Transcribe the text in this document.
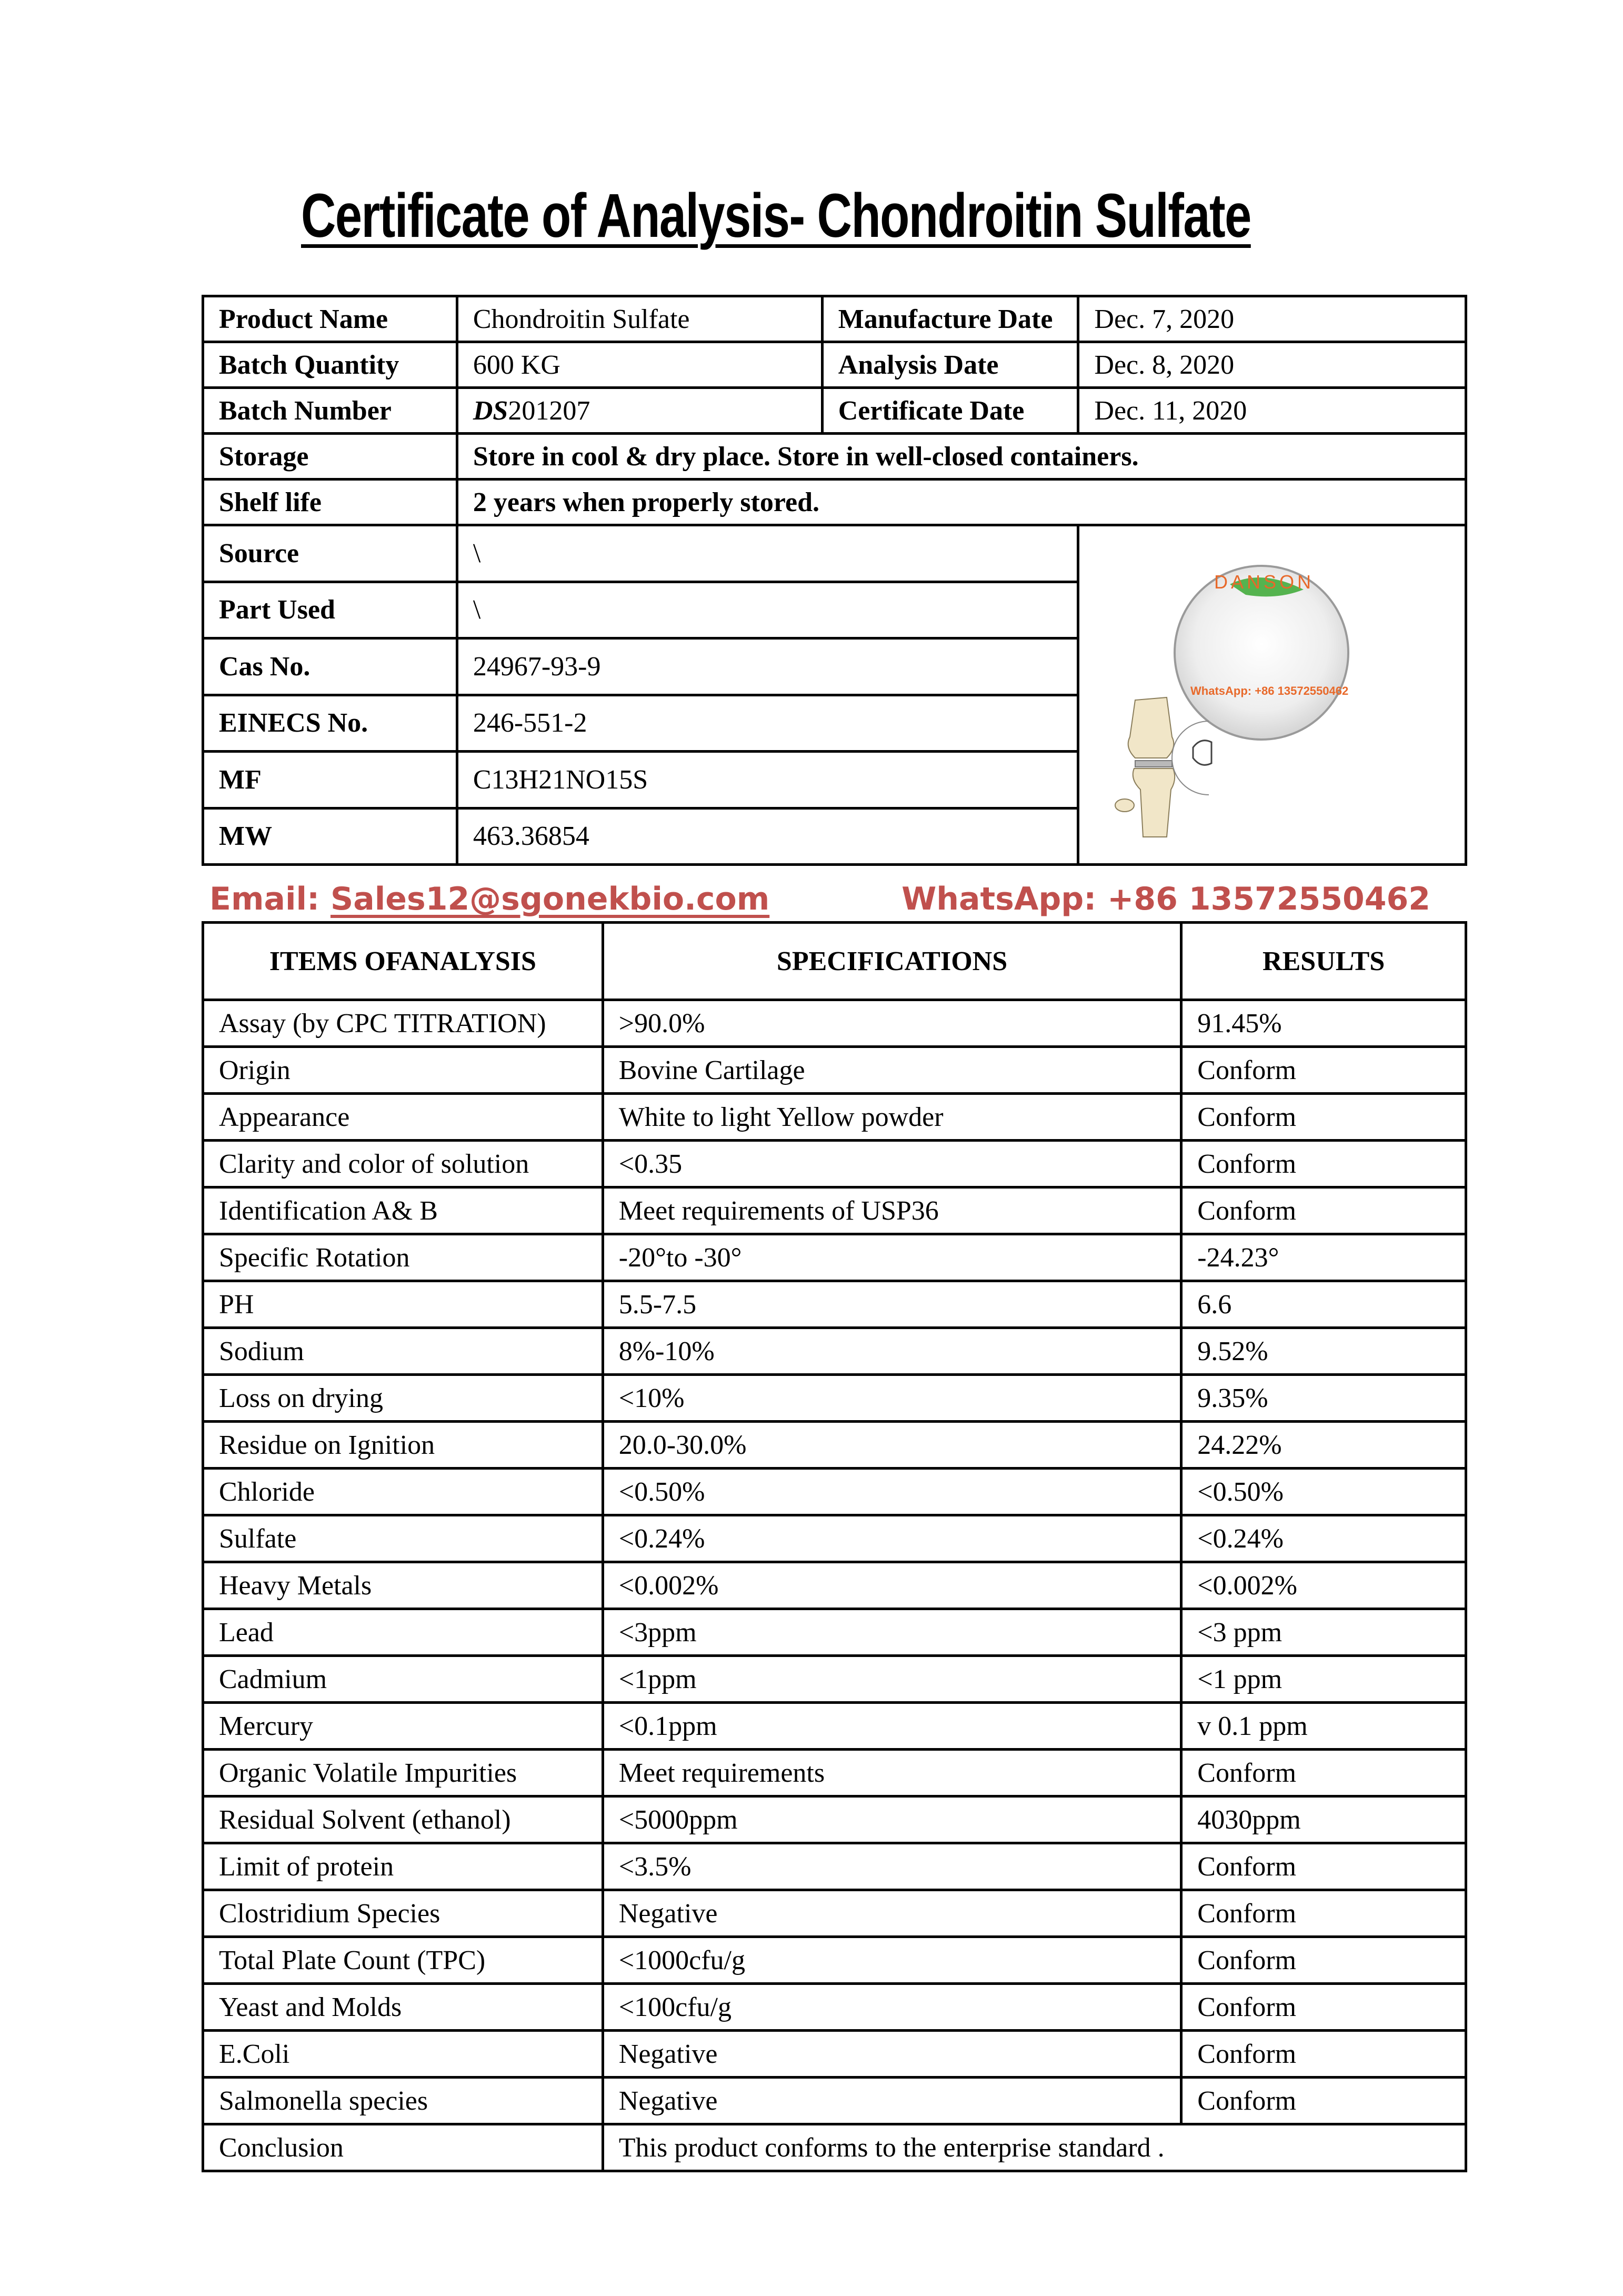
Certificate of Analysis- Chondroitin Sulfate
Product Name	Chondroitin Sulfate	Manufacture Date	Dec. 7, 2020
Batch Quantity	600 KG	Analysis Date	Dec. 8, 2020
Batch Number	DS201207	Certificate Date	Dec. 11, 2020
Storage	Store in cool & dry place. Store in well-closed containers.		
Shelf life	2 years when properly stored.		
Source	\		DANSON
WhatsApp: +86 13572550462

Part Used	\		
Cas No.	24967-93-9		
EINECS No.	246-551-2		
MF	C13H21NO15S		
MW	463.36854		
Email: Sales12@sgonekbio.com	WhatsApp: +86 13572550462
ITEMS OFANALYSIS	SPECIFICATIONS	RESULTS
Assay (by CPC TITRATION)	>90.0%	91.45%
Origin	Bovine Cartilage	Conform
Appearance	White to light Yellow powder	Conform
Clarity and color of solution	<0.35	Conform
Identification A& B	Meet requirements of USP36	Conform
Specific Rotation	-20°to -30°	-24.23°
PH	5.5-7.5	6.6
Sodium	8%-10%	9.52%
Loss on drying	<10%	9.35%
Residue on Ignition	20.0-30.0%	24.22%
Chloride	<0.50%	<0.50%
Sulfate	<0.24%	<0.24%
Heavy Metals	<0.002%	<0.002%
Lead	<3ppm	<3 ppm
Cadmium	<1ppm	<1 ppm
Mercury	<0.1ppm	v 0.1 ppm
Organic Volatile Impurities	Meet requirements	Conform
Residual Solvent (ethanol)	<5000ppm	4030ppm
Limit of protein	<3.5%	Conform
Clostridium Species	Negative	Conform
Total Plate Count (TPC)	<1000cfu/g	Conform
Yeast and Molds	<100cfu/g	Conform
E.Coli	Negative	Conform
Salmonella species	Negative	Conform
Conclusion	This product conforms to the enterprise standard .	
